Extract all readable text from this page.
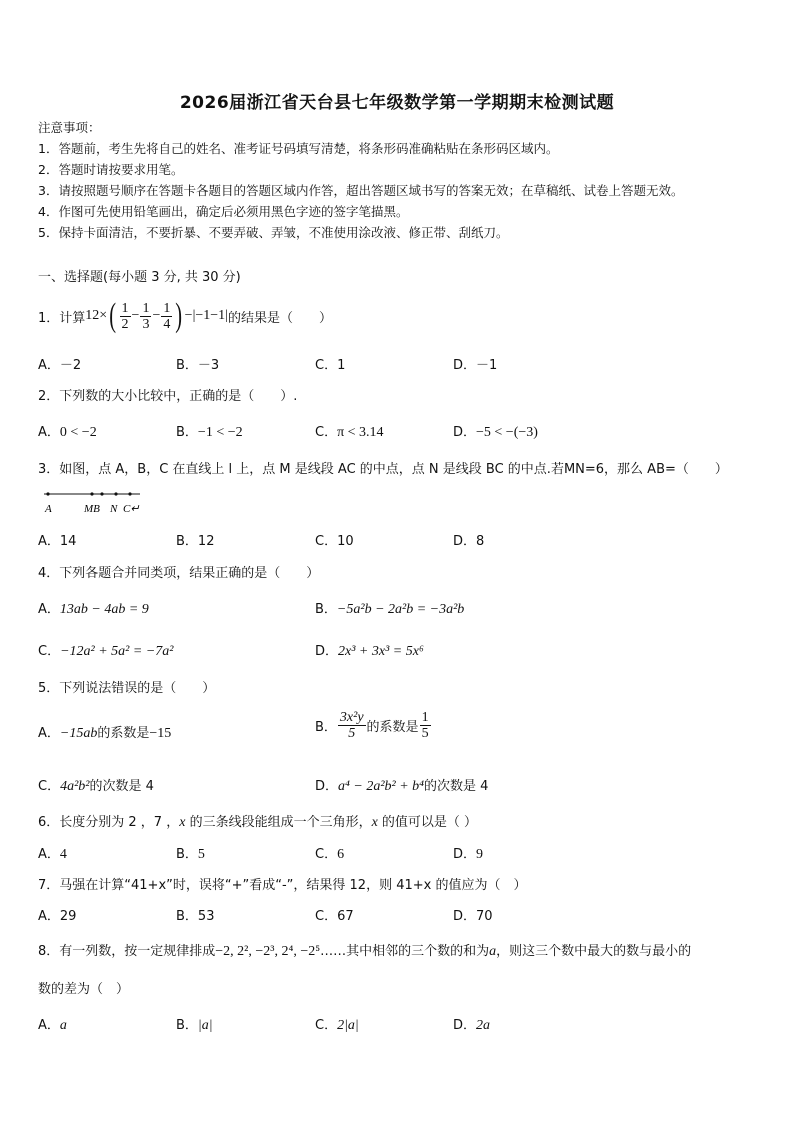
2026届浙江省天台县七年级数学第一学期期末检测试题
注意事项：
1．答题前，考生先将自己的姓名、准考证号码填写清楚，将条形码准确粘贴在条形码区域内。
2．答题时请按要求用笔。
3．请按照题号顺序在答题卡各题目的答题区域内作答，超出答题区域书写的答案无效；在草稿纸、试卷上答题无效。
4．作图可先使用铅笔画出，确定后必须用黑色字迹的签字笔描黑。
5．保持卡面清洁，不要折暴、不要弄破、弄皱，不准使用涂改液、修正带、刮纸刀。
一、选择题(每小题 3 分, 共 30 分)
1． 计算 12× ( $\frac{1}{2} - \frac{1}{3} - \frac{1}{4}$ ) −|−1−1| 的结果是（　　）
A．－2	B．－3	C．1	D．－1
2．下列数的大小比较中，正确的是（　　）.
A．0 < −2	B．−1 < −2	C．π < 3.14	D．−5 < −(−3)
3．如图，点 A，B，C 在直线上 l 上，点 M 是线段 AC 的中点，点 N 是线段 BC 的中点.若MN=6，那么 AB=（　　）
A	MB N C↵
A．14	B．12	C．10	D．8
4．下列各题合并同类项，结果正确的是（　　）
A．13ab − 4ab = 9	B．−5a²b − 2a²b = −3a²b
C．−12a² + 5a² = −7a²	D．2x³ + 3x³ = 5x⁶
5．下列说法错误的是（　　）
A．−15ab的系数是−15	B． $\frac{\text{3x²y}}{5}$ 的系数是 $\frac{1}{5}$
C．4a²b²的次数是 4	D．a⁴ − 2a²b² + b⁴的次数是 4
6．长度分别为 2 ，7 ，x 的三条线段能组成一个三角形，x 的值可以是（ ）
A．4	B．5	C．6	D．9
7．马强在计算“41+x”时，误将“+”看成“-”，结果得 12，则 41+x 的值应为（　）
A．29	B．53	C．67	D．70
8．有一列数，按一定规律排成−2, 2², −2³, 2⁴, −2⁵……其中相邻的三个数的和为a，则这三个数中最大的数与最小的
数的差为（　）
A．a	B．|a|	C．2|a|	D．2a
